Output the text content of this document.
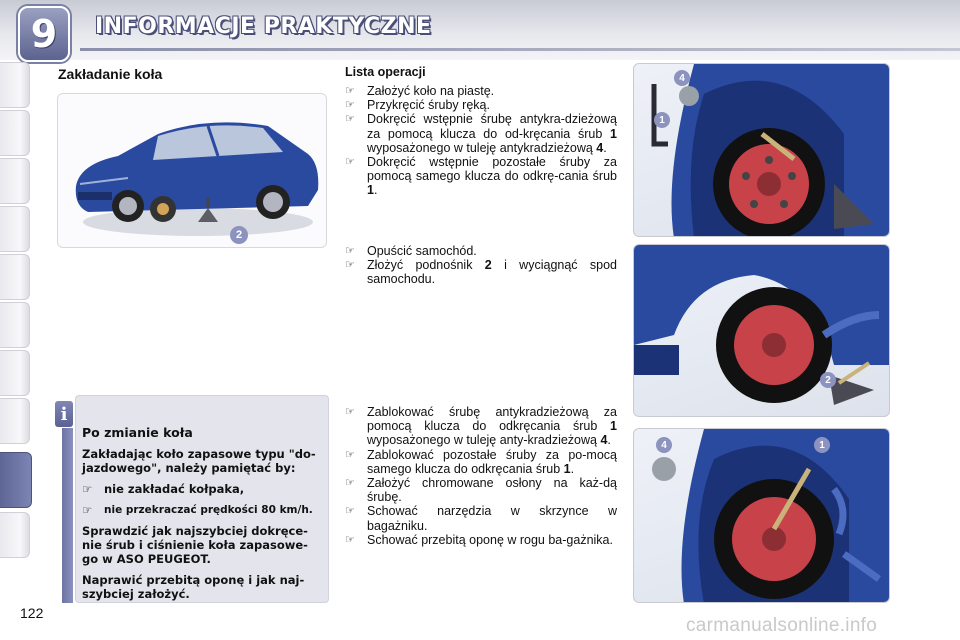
9 INFORMACJE PRAKTYCZNE
Zakładanie koła
2
i
Po zmianie koła

Zakładając koło zapasowe typu "do-jazdowego", należy pamiętać by:

☞	nie zakładać kołpaka,
☞	nie przekraczać prędkości 80 km/h.

Sprawdzić jak najszybciej dokręce-nie śrub i ciśnienie koła zapasowe-go w ASO PEUGEOT.

Naprawić przebitą oponę i jak naj-szybciej założyć.

Lista operacji
☞ Założyć koło na piastę.
☞ Przykręcić śruby ręką.
☞ Dokręcić wstępnie śrubę antykra-dzieżową za pomocą klucza do od-kręcania śrub 1 wyposażonego w tuleję antykradzieżową 4.
☞ Dokręcić wstępnie pozostałe śruby za pomocą samego klucza do odkrę-cania śrub 1.
☞ Opuścić samochód.
☞ Złożyć podnośnik 2 i wyciągnąć spod samochodu.
☞ Zablokować śrubę antykradzieżową za pomocą klucza do odkręcania śrub 1 wyposażonego w tuleję anty-kradzieżową 4.
☞ Zablokować pozostałe śruby za po-mocą samego klucza do odkręcania śrub 1.
☞ Założyć chromowane osłony na każ-dą śrubę.
☞ Schować narzędzia w skrzynce w bagażniku.
☞ Schować przebitą oponę w rogu ba-gażnika.
4
1
2
4	1
122
carmanualsonline.info
